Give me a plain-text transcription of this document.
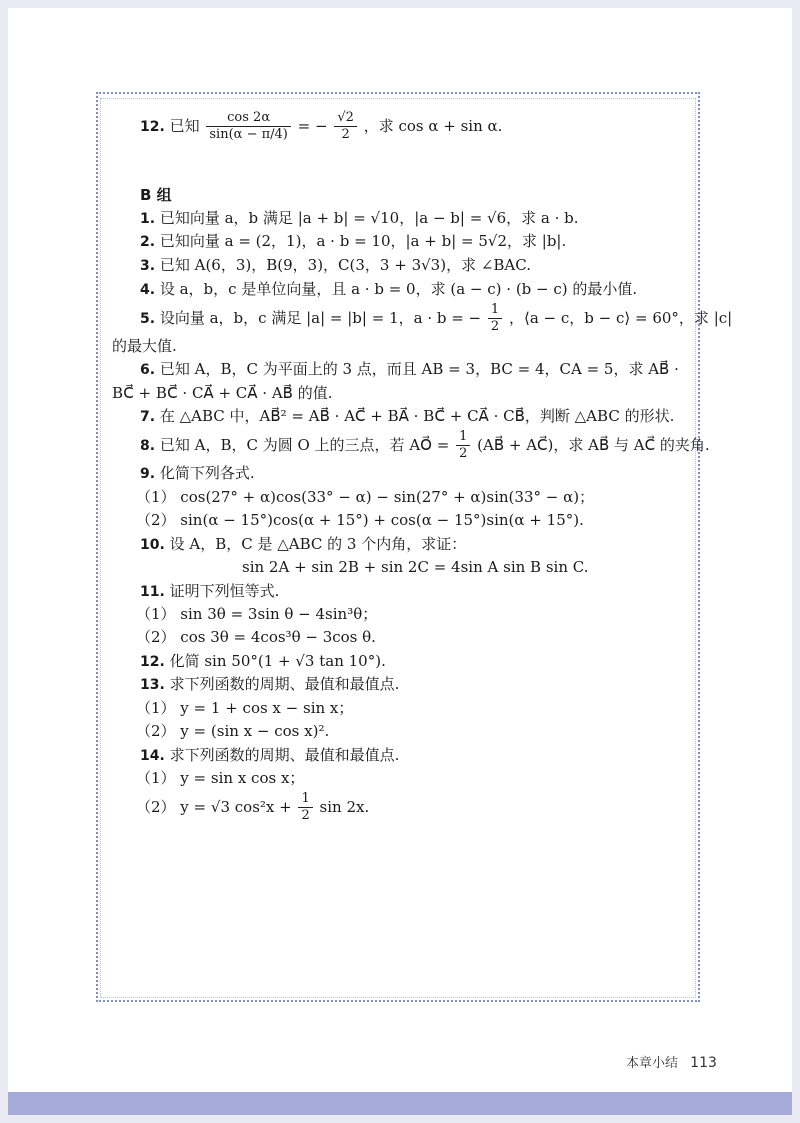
12. 已知 $\frac{\cos 2\alpha}{\sin(\alpha - \pi/4)}$ = − $\frac{√2}{2}$ ，求 cos α + sin α.

B 组

1. 已知向量 a，b 满足 |a + b| = √10，|a − b| = √6，求 a · b.

2. 已知向量 a = (2，1)，a · b = 10，|a + b| = 5√2，求 |b|.

3. 已知 A(6，3)，B(9，3)，C(3，3 + 3√3)，求 ∠BAC.

4. 设 a，b，c 是单位向量，且 a · b = 0，求 (a − c) · (b − c) 的最小值.

5. 设向量 a，b，c 满足 |a| = |b| = 1，a · b = − $\frac{1}{2}$ ，⟨a − c，b − c⟩ = 60°，求 |c|

的最大值.

6. 已知 A，B，C 为平面上的 3 点，而且 AB = 3，BC = 4，CA = 5，求 AB⃗ ·

BC⃗ + BC⃗ · CA⃗ + CA⃗ · AB⃗ 的值.

7. 在 △ABC 中，AB⃗² = AB⃗ · AC⃗ + BA⃗ · BC⃗ + CA⃗ · CB⃗，判断 △ABC 的形状.

8. 已知 A，B，C 为圆 O 上的三点，若 AO⃗ = $\frac{1}{2}$ (AB⃗ + AC⃗)，求 AB⃗ 与 AC⃗ 的夹角.

9. 化简下列各式.

（1） cos(27° + α)cos(33° − α) − sin(27° + α)sin(33° − α)；

（2） sin(α − 15°)cos(α + 15°) + cos(α − 15°)sin(α + 15°).

10. 设 A，B，C 是 △ABC 的 3 个内角，求证：

sin 2A + sin 2B + sin 2C = 4sin A sin B sin C.

11. 证明下列恒等式.

（1） sin 3θ = 3sin θ − 4sin³θ；

（2） cos 3θ = 4cos³θ − 3cos θ.

12. 化简 sin 50°(1 + √3 tan 10°).

13. 求下列函数的周期、最值和最值点.

（1） y = 1 + cos x − sin x；

（2） y = (sin x − cos x)².

14. 求下列函数的周期、最值和最值点.

（1） y = sin x cos x；

（2） y = √3 $\cos^2x + \frac{1}{2}$ sin 2x.

本章小结 113
